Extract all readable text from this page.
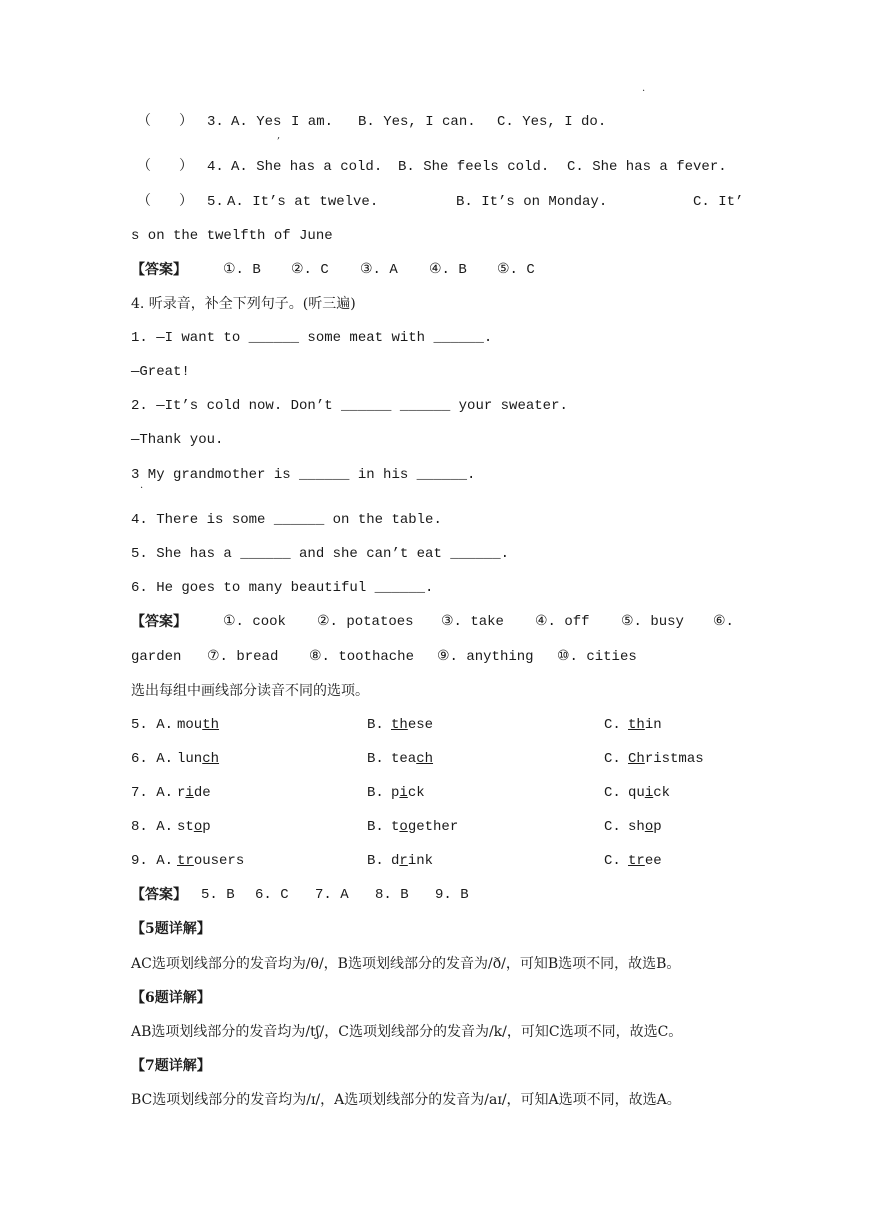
.
（　　） 3. A. Yes I am. B. Yes, I can. C. Yes, I do.
,
（　　） 4. A. She has a cold. B. She feels cold. C. She has a fever.
（　　） 5. A. It’s at twelve.	B. It’s on Monday.	C. It’
s on the twelfth of June
【答案】	①. B ②. C ③. A ④. B ⑤. C
4. 听录音，补全下列句子。(听三遍)
1. —I want to ______ some meat with ______.
—Great!
2. —It’s cold now. Don’t ______ ______ your sweater.
—Thank you.
3 My grandmother is ______ in his ______.
·
4. There is some ______ on the table.
5. She has a ______ and she can’t eat ______.
6. He goes to many beautiful ______.
【答案】	①. cook ②. potatoes ③. take ④. off ⑤. busy ⑥.
garden ⑦. bread ⑧. toothache ⑨. anything ⑩. cities
选出每组中画线部分读音不同的选项。
5. A. mouth	B. these	C. thin
6. A. lunch	B. teach	C. Christmas
7. A. ride	B. pick	C. quick
8. A. stop	B. together	C. shop
9. A. trousers	B. drink	C. tree
【答案】 5. B 6. C 7. A 8. B 9. B
【5题详解】
AC选项划线部分的发音均为/θ/，B选项划线部分的发音为/ð/，可知B选项不同，故选B。
【6题详解】
AB选项划线部分的发音均为/tʃ/，C选项划线部分的发音为/k/，可知C选项不同，故选C。
【7题详解】
BC选项划线部分的发音均为/ɪ/，A选项划线部分的发音为/aɪ/，可知A选项不同，故选A。
